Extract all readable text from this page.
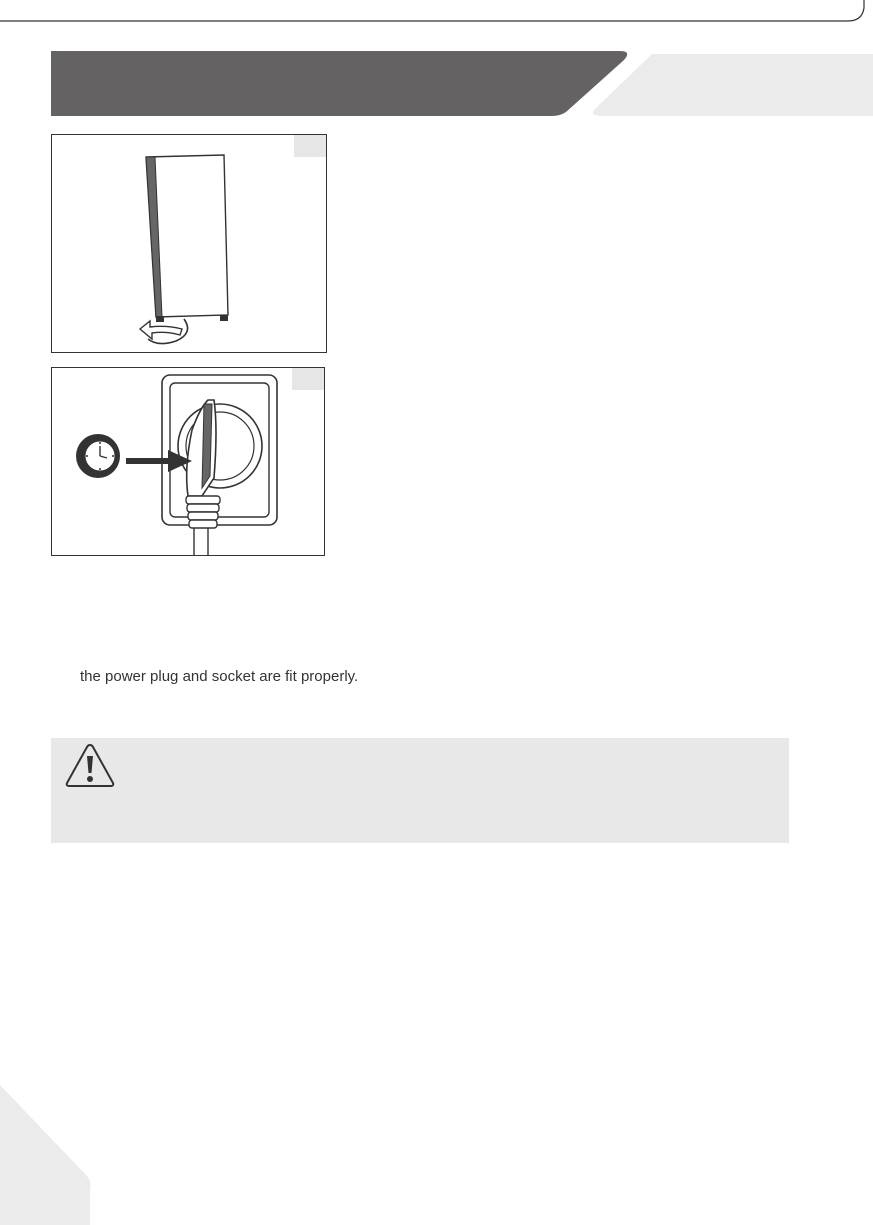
the power plug and socket are fit properly.
